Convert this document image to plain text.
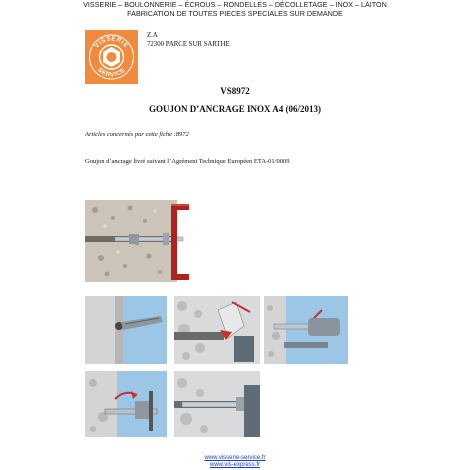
VISSERIE – BOULONNERIE – ÉCROUS – RONDELLES – DÉCOLLETAGE – INOX – LAITON
FABRICATION DE TOUTES PIECES SPECIALES SUR DEMANDE
VISSERIE
SERVICE
Z.A
72300 PARCE SUR SARTHE
VS8972
GOUJON D’ANCRAGE INOX A4 (06/2013)
Articles concernés par cette fiche :8972
Goujon d’ancrage livré suivant l’Agrément Technique Européen ETA-01/0009
www.visserie-service.fr
www.vis-express.fr
